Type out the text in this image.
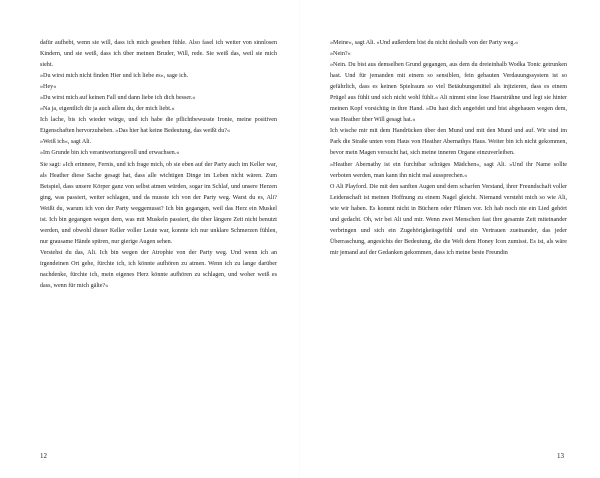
dafür aufhebt, wenn sie will, dass ich mich gesehen fühle. Also fasel ich weiter von sinnlosen Kindern, und sie weiß, dass ich über meinen Bruder, Will, rede. Sie weiß das, weil sie mich sieht.

»Du wirst mich nicht finden Hier und ich liebe es«, sage ich.

»Hey«

»Du wirst mich auf keinen Fall und dann liebe ich dich besser.«

»Na ja, eigentlich dir ja auch allem du, der mich liebt.«

Ich lache, bis ich wieder würge, und ich habe die pflichtbewusste Ironie, meine positiven Eigenschaften hervorzuheben. »Das hier hat keine Bedeutung, das weißt du?«

»Weiß ich«, sagt Ali.

»Im Grunde bin ich verantwortungsvoll und erwachsen.«

Sie sagt: »Ich erinnere, Fernis, und ich frage mich, ob sie eben auf der Party auch im Keller war, als Heather diese Sache gesagt hat, dass alle wichtigen Dinge im Leben nicht wären. Zum Beispiel, dass unsere Körper ganz von selbst atmen würden, sogar im Schlaf, und unsere Herzen ging, was passiert, weiter schlagen, und da musste ich von der Party weg. Warst du es, Ali? Weißt du, warum ich von der Party weggemusst? Ich bin gegangen, weil das Herz ein Muskel ist. Ich bin gegangen wegen dem, was mit Muskeln passiert, die über längere Zeit nicht benutzt werden, und obwohl dieser Keller voller Leute war, konnte ich nur unklare Schmerzen fühlen, nur grausame Hände spüren, nur gierige Augen sehen.

Verstehst du das, Ali. Ich bin wegen der Atrophie von der Party weg. Und wenn ich an irgendeinen Ort gehe, fürchte ich, ich könnte aufhören zu atmen. Wenn ich zu lange darüber nachdenke, fürchte ich, mein eigenes Herz könnte aufhören zu schlagen, und woher weiß es dass, wenn für mich gälte?«

12

»Meine«, sagt Ali. »Und außerdem bist du nicht deshalb von der Party weg.«

»Nein?«

»Nein. Du bist aus demselben Grund gegangen, aus dem du dreieinhalb Wodka Tonic getrunken hast. Und für jemanden mit einem so sensiblen, fein gebauten Verdauungssystem ist so gefährlich, dass es keinen Spielraum so viel Betäubungsmittel als injizieren, dass es einem Prügel aus fühlt und sich nicht wohl fühlt.« Ali nimmt eine lose Haarsträhne und legt sie hinter meinen Kopf vorsichtig in ihre Hand. »Du hast dich angeödet und bist abgehauen wegen dem, was Heather über Will gesagt hat.«

Ich wische mir mit dem Handrücken über den Mund und mit den Mund und auf. Wir sind im Park die Straße unten vom Haus von Heather Abernathys Haus. Weiter bin ich nicht gekommen, bevor mein Magen versucht hat, sich meine inneren Organe einzuverleiben.

»Heather Abernathy ist ein furchtbar schräges Mädchen«, sagt Ali. »Und ihr Name sollte verboten werden, man kann ihn nicht mal aussprechen.«

O Ali Playford. Die mit den sanften Augen und dem scharfen Verstand, ihrer Freundschaft voller Leidenschaft ist meinen Hoffnung zu einem Nagel gleicht. Niemand versteht mich so wie Ali, wie wir haben. Es kommt nicht in Büchern oder Filmen vor. Ich hab noch nie ein Lied gehört und gedacht. Oh, wir bei Ali und mir. Wenn zwei Menschen fast ihre gesamte Zeit miteinander verbringen und sich ein Zugehörigkeitsgefühl und ein Vertrauen zueinander, das jeder Überraschung, angesichts der Bedeutung, die die Welt dem Honey Icon zumisst. Es ist, als wäre mir jemand auf der Gedanken gekommen, dass ich meine beste Freundin

13
